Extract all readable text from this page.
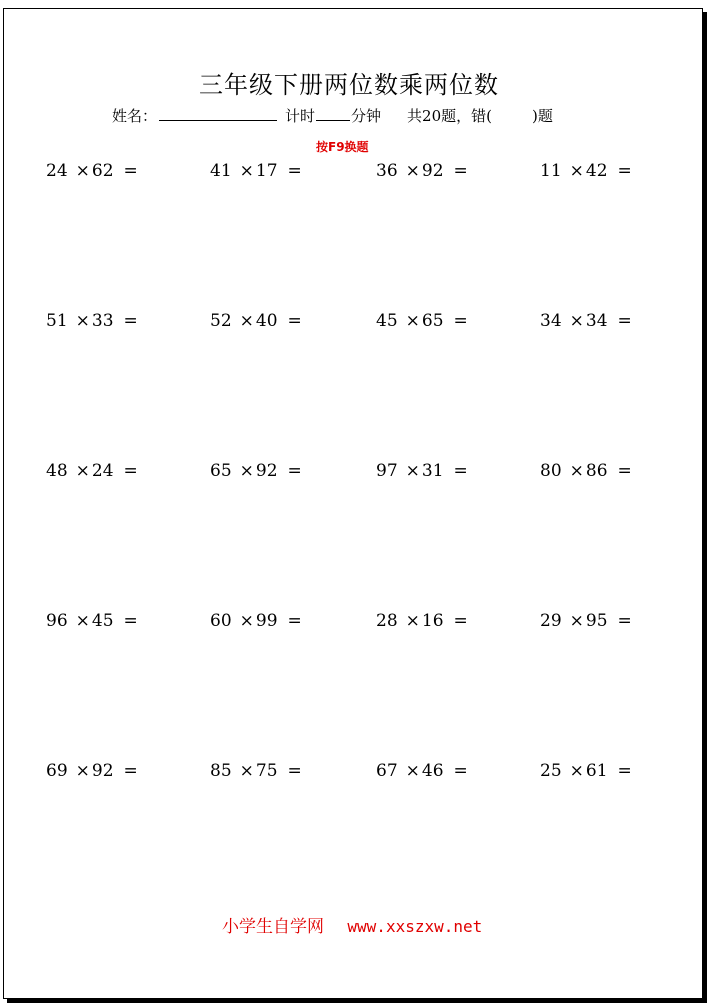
三年级下册两位数乘两位数
姓名：	计时 分钟 共20题，错(	)题
按F9换题
24 × 62 =	41 × 17 =	36 × 92 =	11 × 42 =
51 × 33 =	52 × 40 =	45 × 65 =	34 × 34 =
48 × 24 =	65 × 92 =	97 × 31 =	80 × 86 =
96 × 45 =	60 × 99 =	28 × 16 =	29 × 95 =
69 × 92 =	85 × 75 =	67 × 46 =	25 × 61 =
小学生自学网 www.xxszxw.net
